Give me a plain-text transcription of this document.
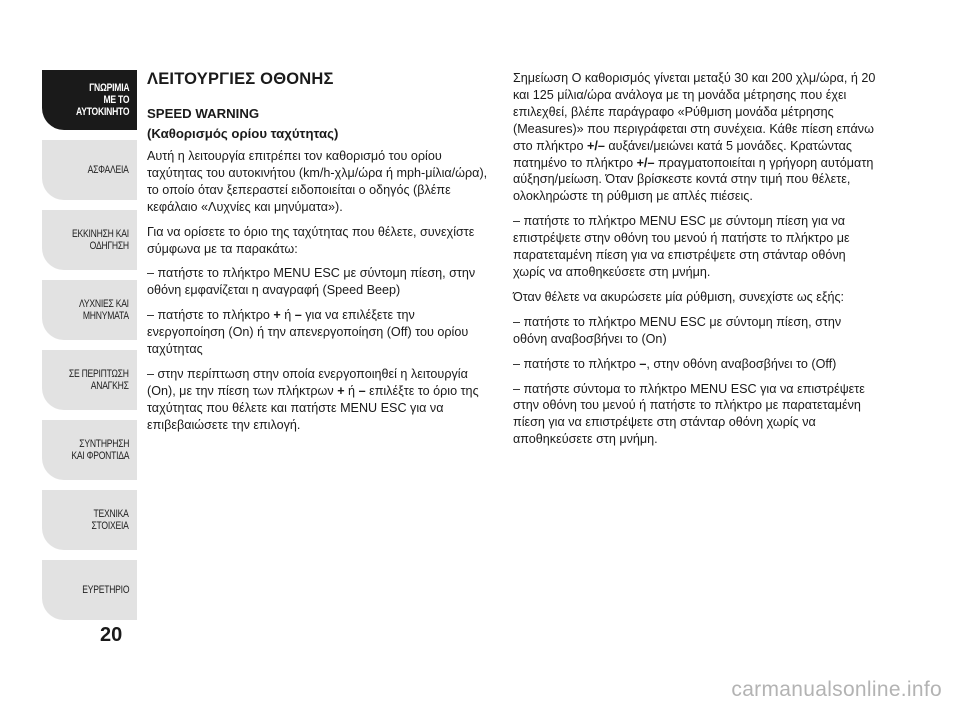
ΓΝΩΡΙΜΙΑ
ΜΕ ΤΟ
ΑΥΤΟΚΙΝΗΤΟ
ΑΣΦΑΛΕΙΑ
ΕΚΚΙΝΗΣΗ ΚΑΙ
ΟΔΗΓΗΣΗ
ΛΥΧΝΙΕΣ ΚΑΙ
ΜΗΝΥΜΑΤΑ
ΣΕ ΠΕΡΙΠΤΩΣΗ
ΑΝΑΓΚΗΣ
ΣΥΝΤΗΡΗΣΗ
ΚΑΙ ΦΡΟΝΤΙΔΑ
ΤΕΧΝΙΚΑ
ΣΤΟΙΧΕΙΑ
ΕΥΡΕΤΗΡΙΟ
20
ΛΕΙΤΟΥΡΓΙΕΣ ΟΘΟΝΗΣ
SPEED WARNING
(Καθορισμός ορίου ταχύτητας)

Αυτή η λειτουργία επιτρέπει τον καθορισμό του ορίου ταχύτητας του αυτοκινήτου (km/h-χλμ/ώρα ή mph-μίλια/ώρα), το οποίο όταν ξεπεραστεί ειδοποιείται ο οδηγός (βλέπε κεφάλαιο «Λυχνίες και μηνύματα»).

Για να ορίσετε το όριο της ταχύτητας που θέλετε, συνεχίστε σύμφωνα με τα παρακάτω:

– πατήστε το πλήκτρο MENU ESC με σύντομη πίεση, στην οθόνη εμφανίζεται η αναγραφή (Speed Beep)

– πατήστε το πλήκτρο + ή – για να επιλέξετε την ενεργοποίηση (On) ή την απενεργοποίηση (Off) του ορίου ταχύτητας

– στην περίπτωση στην οποία ενεργοποιηθεί η λειτουργία (On), με την πίεση των πλήκτρων + ή – επιλέξτε το όριο της ταχύτητας που θέλετε και πατήστε MENU ESC για να επιβεβαιώσετε την επιλογή.

Σημείωση Ο καθορισμός γίνεται μεταξύ 30 και 200 χλμ/ώρα, ή 20 και 125 μίλια/ώρα ανάλογα με τη μονάδα μέτρησης που έχει επιλεχθεί, βλέπε παράγραφο «Ρύθμιση μονάδα μέτρησης (Measures)» που περιγράφεται στη συνέχεια. Κάθε πίεση επάνω στο πλήκτρο +/– αυξάνει/μειώνει κατά 5 μονάδες. Κρατώντας πατημένο το πλήκτρο +/– πραγματοποιείται η γρήγορη αυτόματη αύξηση/μείωση. Όταν βρίσκεστε κοντά στην τιμή που θέλετε, ολοκληρώστε τη ρύθμιση με απλές πιέσεις.

– πατήστε το πλήκτρο MENU ESC με σύντομη πίεση για να επιστρέψετε στην οθόνη του μενού ή πατήστε το πλήκτρο με παρατεταμένη πίεση για να επιστρέψετε στη στάνταρ οθόνη χωρίς να αποθηκεύσετε στη μνήμη.

Όταν θέλετε να ακυρώσετε μία ρύθμιση, συνεχίστε ως εξής:

– πατήστε το πλήκτρο MENU ESC με σύντομη πίεση, στην οθόνη αναβοσβήνει το (On)

– πατήστε το πλήκτρο –, στην οθόνη αναβοσβήνει το (Off)

– πατήστε σύντομα το πλήκτρο MENU ESC για να επιστρέψετε στην οθόνη του μενού ή πατήστε το πλήκτρο με παρατεταμένη πίεση για να επιστρέψετε στη στάνταρ οθόνη χωρίς να αποθηκεύσετε στη μνήμη.

carmanualsonline.info
